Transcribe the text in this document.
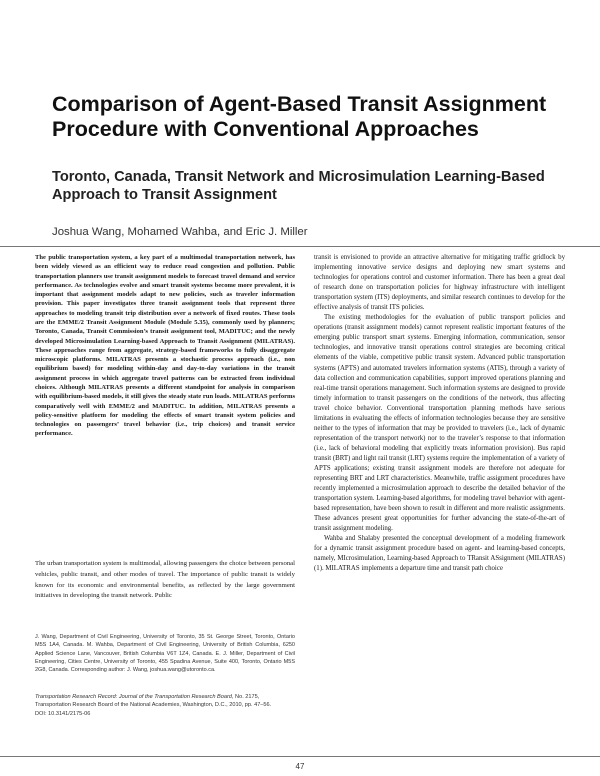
Comparison of Agent-Based Transit Assignment Procedure with Conventional Approaches
Toronto, Canada, Transit Network and Microsimulation Learning-Based Approach to Transit Assignment

Joshua Wang, Mohamed Wahba, and Eric J. Miller

The public transportation system, a key part of a multimodal transportation network, has been widely viewed as an efficient way to reduce road congestion and pollution. Public transportation planners use transit assignment models to forecast travel demand and service performance. As technologies evolve and smart transit systems become more prevalent, it is important that assignment models adapt to new policies, such as traveler information provision. This paper investigates three transit assignment tools that represent three approaches to modeling transit trip distribution over a network of fixed routes. These tools are the EMME/2 Transit Assignment Module (Module 5.35), commonly used by planners; Toronto, Canada, Transit Commission’s transit assignment tool, MADITUC; and the newly developed Microsimulation Learning-based Approach to Transit Assignment (MILATRAS). These approaches range from aggregate, strategy-based frameworks to fully disaggregate microscopic platforms. MILATRAS presents a stochastic process approach (i.e., non equilibrium based) for modeling within-day and day-to-day variations in the transit assignment process in which aggregate travel patterns can be extracted from individual choices. Although MILATRAS presents a different standpoint for analysis in comparison with equilibrium-based models, it still gives the steady state run loads. MILATRAS performs comparatively well with EMME/2 and MADITUC. In addition, MILATRAS presents a policy-sensitive platform for modeling the effects of smart transit system policies and technologies on passengers’ travel behavior (i.e., trip choices) and transit service performance.

The urban transportation system is multimodal, allowing passengers the choice between personal vehicles, public transit, and other modes of travel. The importance of public transit is widely known for its economic and environmental benefits, as reflected by the large government initiatives in developing the transit network. Public

J. Wang, Department of Civil Engineering, University of Toronto, 35 St. George Street, Toronto, Ontario M5S 1A4, Canada. M. Wahba, Department of Civil Engineering, University of British Columbia, 6250 Applied Science Lane, Vancouver, British Columbia V6T 1Z4, Canada. E. J. Miller, Department of Civil Engineering, Cities Centre, University of Toronto, 455 Spadina Avenue, Suite 400, Toronto, Ontario M5S 2G8, Canada. Corresponding author: J. Wang, joshua.wang@utoronto.ca.

Transportation Research Record: Journal of the Transportation Research Board, No. 2175, Transportation Research Board of the National Academies, Washington, D.C., 2010, pp. 47–56.
DOI: 10.3141/2175-06

transit is envisioned to provide an attractive alternative for mitigating traffic gridlock by implementing innovative service designs and deploying new smart systems and technologies for operations control and customer information. There has been a great deal of research done on transportation policies for highway infrastructure with intelligent transportation system (ITS) deployments, and similar research continues to develop for the effective analysis of transit ITS policies.

The existing methodologies for the evaluation of public transport policies and operations (transit assignment models) cannot represent realistic important features of the emerging public transport smart systems. Emerging information, communication, sensor technologies, and innovative transit operations control strategies are becoming critical elements of the viable, competitive public transit system. Advanced public transportation systems (APTS) and automated travelers information systems (ATIS), through a variety of data collection and communication capabilities, support improved operations planning and real-time transit operations management. Such information systems are designed to provide timely information to transit passengers on the conditions of the network, thus affecting travel choice behavior. Conventional transportation planning methods have serious limitations in evaluating the effects of information technologies because they are sensitive neither to the types of information that may be provided to travelers (i.e., lack of dynamic representation of the transport network) nor to the traveler’s response to that information (i.e., lack of behavioral modeling that explicitly treats information provision). Bus rapid transit (BRT) and light rail transit (LRT) systems require the implementation of a variety of APTS applications; existing transit assignment models are therefore not adequate for representing BRT and LRT characteristics. Meanwhile, traffic assignment procedures have recently implemented a microsimulation approach to describe the detailed behavior of the transportation system. Learning-based algorithms, for modeling travel behavior with agent-based representation, have been shown to result in different and more realistic assignments. These advances present great opportunities for further advancing the state-of-the-art of transit assignment modeling.

Wahba and Shalaby presented the conceptual development of a modeling framework for a dynamic transit assignment procedure based on agent- and learning-based concepts, namely, MIcrosimulation, Learning-based Approach to TRansit ASsignment (MILATRAS) (1). MILATRAS implements a departure time and transit path choice

47
